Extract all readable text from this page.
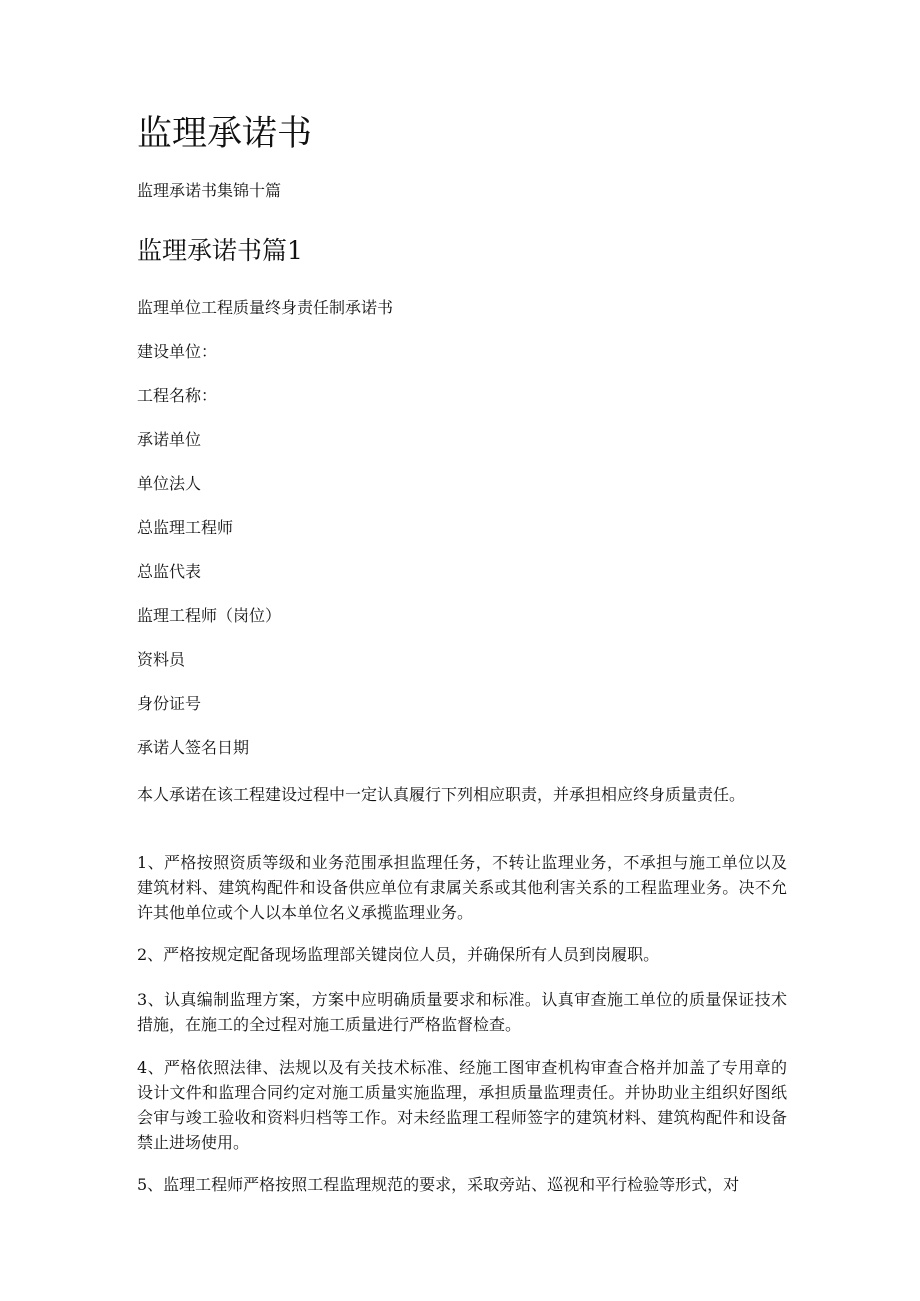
监理承诺书
监理承诺书集锦十篇
监理承诺书篇1
监理单位工程质量终身责任制承诺书
建设单位：
工程名称：
承诺单位
单位法人
总监理工程师
总监代表
监理工程师（岗位）
资料员
身份证号
承诺人签名日期
本人承诺在该工程建设过程中一定认真履行下列相应职责，并承担相应终身质量责任。
1、严格按照资质等级和业务范围承担监理任务，不转让监理业务，不承担与施工单位以及建筑材料、建筑构配件和设备供应单位有隶属关系或其他利害关系的工程监理业务。决不允许其他单位或个人以本单位名义承揽监理业务。
2、严格按规定配备现场监理部关键岗位人员，并确保所有人员到岗履职。
3、认真编制监理方案，方案中应明确质量要求和标准。认真审查施工单位的质量保证技术措施，在施工的全过程对施工质量进行严格监督检查。
4、严格依照法律、法规以及有关技术标准、经施工图审查机构审查合格并加盖了专用章的设计文件和监理合同约定对施工质量实施监理，承担质量监理责任。并协助业主组织好图纸会审与竣工验收和资料归档等工作。对未经监理工程师签字的建筑材料、建筑构配件和设备禁止进场使用。
5、监理工程师严格按照工程监理规范的要求，采取旁站、巡视和平行检验等形式，对
